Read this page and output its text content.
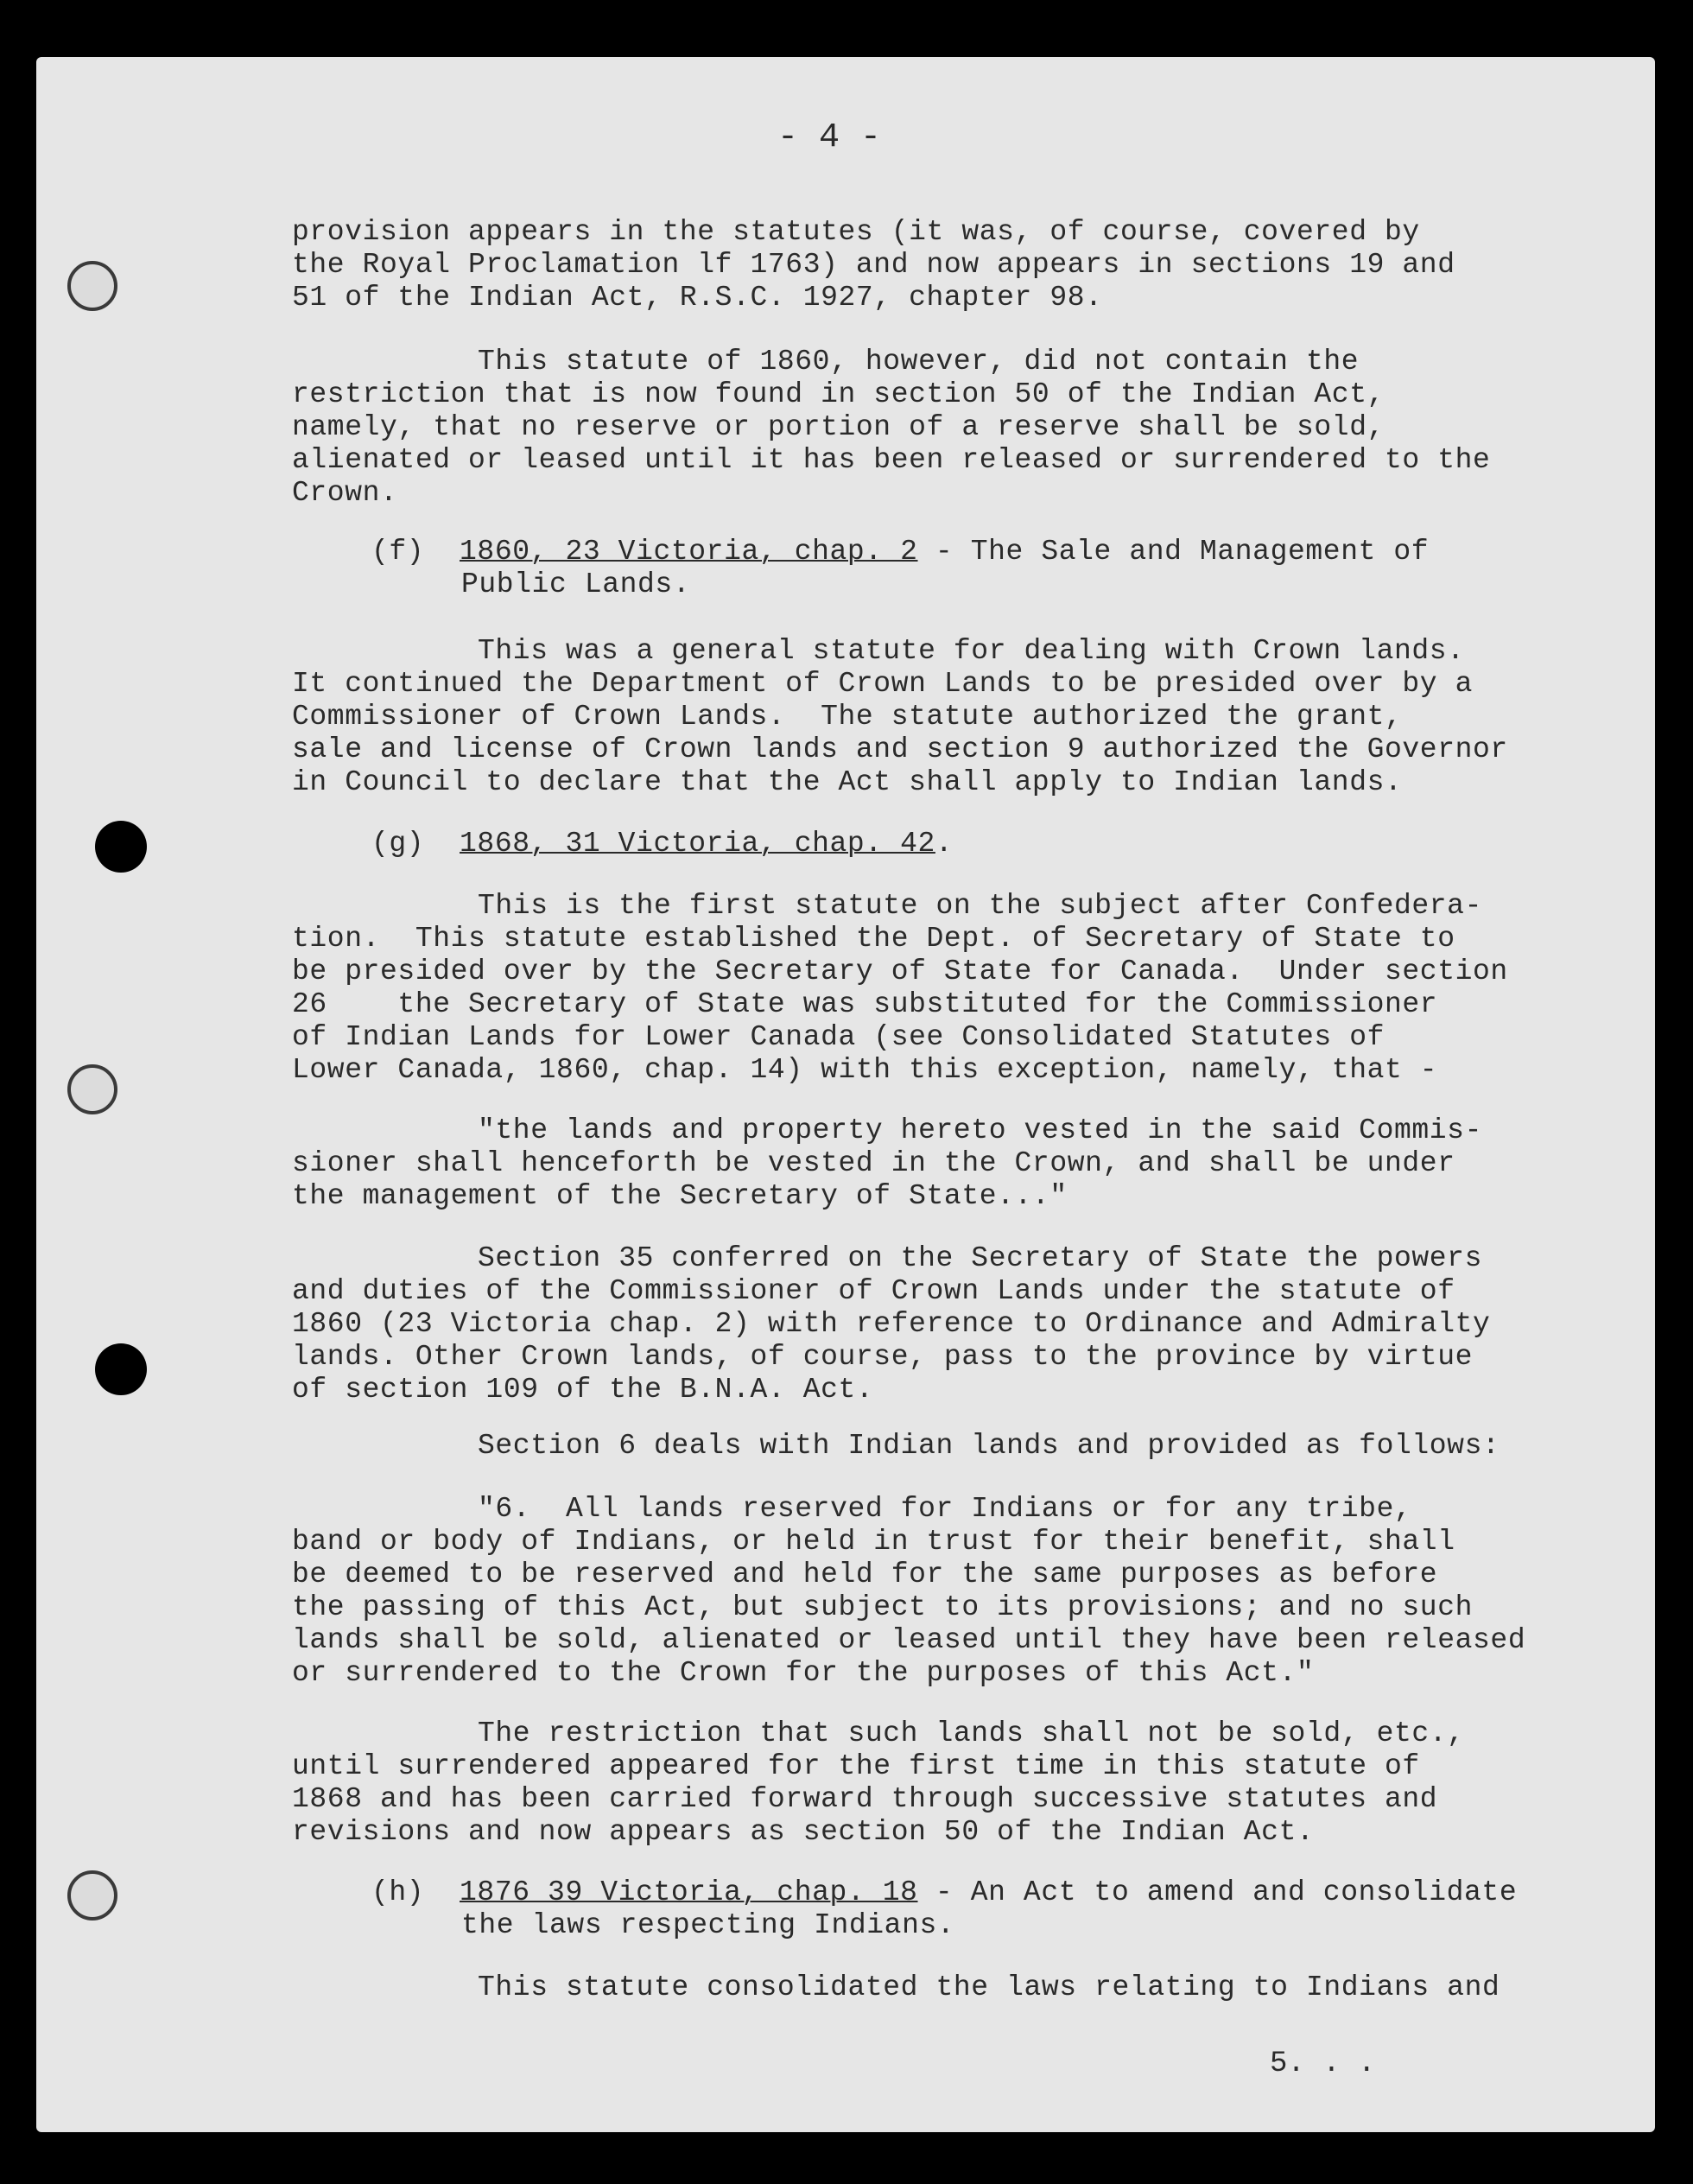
- 4 -

provision appears in the statutes (it was, of course, covered by

the Royal Proclamation lf 1763) and now appears in sections 19 and

51 of the Indian Act, R.S.C. 1927, chapter 98.

This statute of 1860, however, did not contain the

restriction that is now found in section 50 of the Indian Act,

namely, that no reserve or portion of a reserve shall be sold,

alienated or leased until it has been released or surrendered to the

Crown.

(f) 1860, 23 Victoria, chap. 2 - The Sale and Management of

Public Lands.

This was a general statute for dealing with Crown lands.

It continued the Department of Crown Lands to be presided over by a

Commissioner of Crown Lands.  The statute authorized the grant,

sale and license of Crown lands and section 9 authorized the Governor

in Council to declare that the Act shall apply to Indian lands.

(g) 1868, 31 Victoria, chap. 42.

This is the first statute on the subject after Confedera-

tion.  This statute established the Dept. of Secretary of State to

be presided over by the Secretary of State for Canada.  Under section

26    the Secretary of State was substituted for the Commissioner

of Indian Lands for Lower Canada (see Consolidated Statutes of

Lower Canada, 1860, chap. 14) with this exception, namely, that -

"the lands and property hereto vested in the said Commis-

sioner shall henceforth be vested in the Crown, and shall be under

the management of the Secretary of State..."

Section 35 conferred on the Secretary of State the powers

and duties of the Commissioner of Crown Lands under the statute of

1860 (23 Victoria chap. 2) with reference to Ordinance and Admiralty

lands. Other Crown lands, of course, pass to the province by virtue

of section 109 of the B.N.A. Act.

Section 6 deals with Indian lands and provided as follows:

"6.  All lands reserved for Indians or for any tribe,

band or body of Indians, or held in trust for their benefit, shall

be deemed to be reserved and held for the same purposes as before

the passing of this Act, but subject to its provisions; and no such

lands shall be sold, alienated or leased until they have been released

or surrendered to the Crown for the purposes of this Act."

The restriction that such lands shall not be sold, etc.,

until surrendered appeared for the first time in this statute of

1868 and has been carried forward through successive statutes and

revisions and now appears as section 50 of the Indian Act.

(h) 1876 39 Victoria, chap. 18 - An Act to amend and consolidate

the laws respecting Indians.

This statute consolidated the laws relating to Indians and

5. . .
